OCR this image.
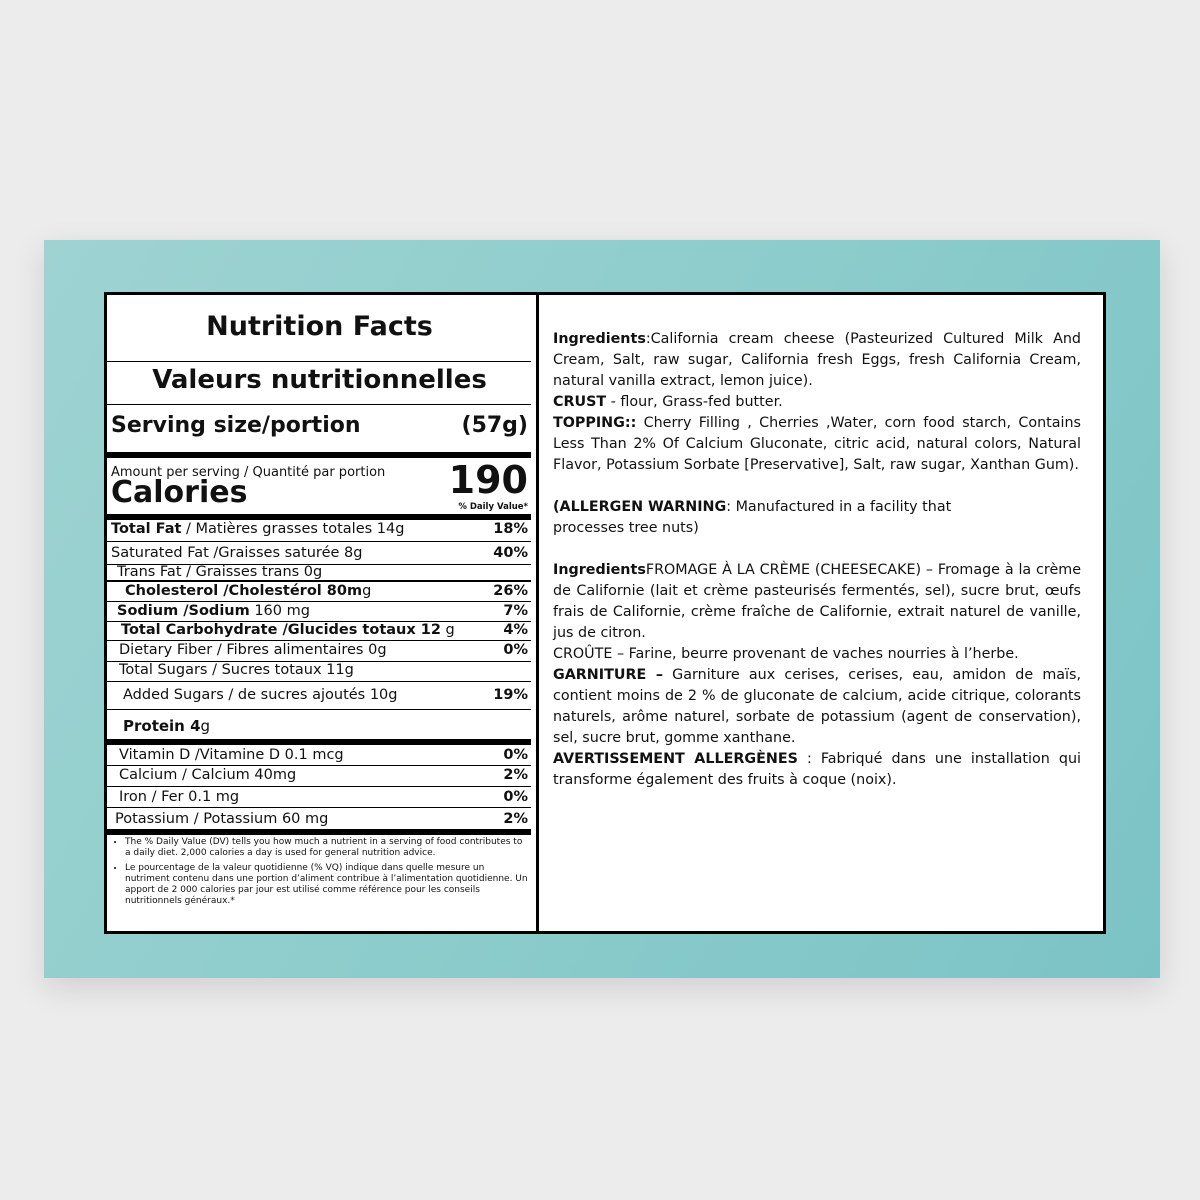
Nutrition Facts
Valeurs nutritionnelles
Serving size/portion	(57g)
Amount per serving / Quantité par portion
Calories	190
% Daily Value*
Total Fat / Matières grasses totales 14g	18%
Saturated Fat /Graisses saturée 8g	40%
Trans Fat / Graisses trans 0g
Cholesterol /Cholestérol 80mg	26%
Sodium /Sodium 160 mg	7%
Total Carbohydrate /Glucides totaux 12 g	4%
Dietary Fiber / Fibres alimentaires 0g	0%
Total Sugars / Sucres totaux 11g
Added Sugars / de sucres ajoutés 10g	19%
Protein 4g
Vitamin D /Vitamine D 0.1 mcg	0%
Calcium / Calcium 40mg	2%
Iron / Fer 0.1 mg	0%
Potassium / Potassium 60 mg	2%
• The % Daily Value (DV) tells you how much a nutrient in a serving of food contributes to a daily diet. 2,000 calories a day is used for general nutrition advice.
• Le pourcentage de la valeur quotidienne (% VQ) indique dans quelle mesure un nutriment contenu dans une portion d’aliment contribue à l’alimentation quotidienne. Un apport de 2 000 calories par jour est utilisé comme référence pour les conseils nutritionnels généraux.*

Ingredients:California cream cheese (Pasteurized Cultured Milk And Cream, Salt, raw sugar, California fresh Eggs, fresh California Cream, natural vanilla extract, lemon juice).

CRUST - flour, Grass-fed butter.

TOPPING:: Cherry Filling , Cherries ,Water, corn food starch, Contains Less Than 2% Of Calcium Gluconate, citric acid, natural colors, Natural Flavor, Potassium Sorbate [Preservative], Salt, raw sugar, Xanthan Gum).

(ALLERGEN WARNING: Manufactured in a facility that processes tree nuts)

IngredientsFROMAGE À LA CRÈME (CHEESECAKE) – Fromage à la crème de Californie (lait et crème pasteurisés fermentés, sel), sucre brut, œufs frais de Californie, crème fraîche de Californie, extrait naturel de vanille, jus de citron.

CROÛTE – Farine, beurre provenant de vaches nourries à l’herbe.

GARNITURE – Garniture aux cerises, cerises, eau, amidon de maïs, contient moins de 2 % de gluconate de calcium, acide citrique, colorants naturels, arôme naturel, sorbate de potassium (agent de conservation), sel, sucre brut, gomme xanthane.

AVERTISSEMENT ALLERGÈNES : Fabriqué dans une installation qui transforme également des fruits à coque (noix).
